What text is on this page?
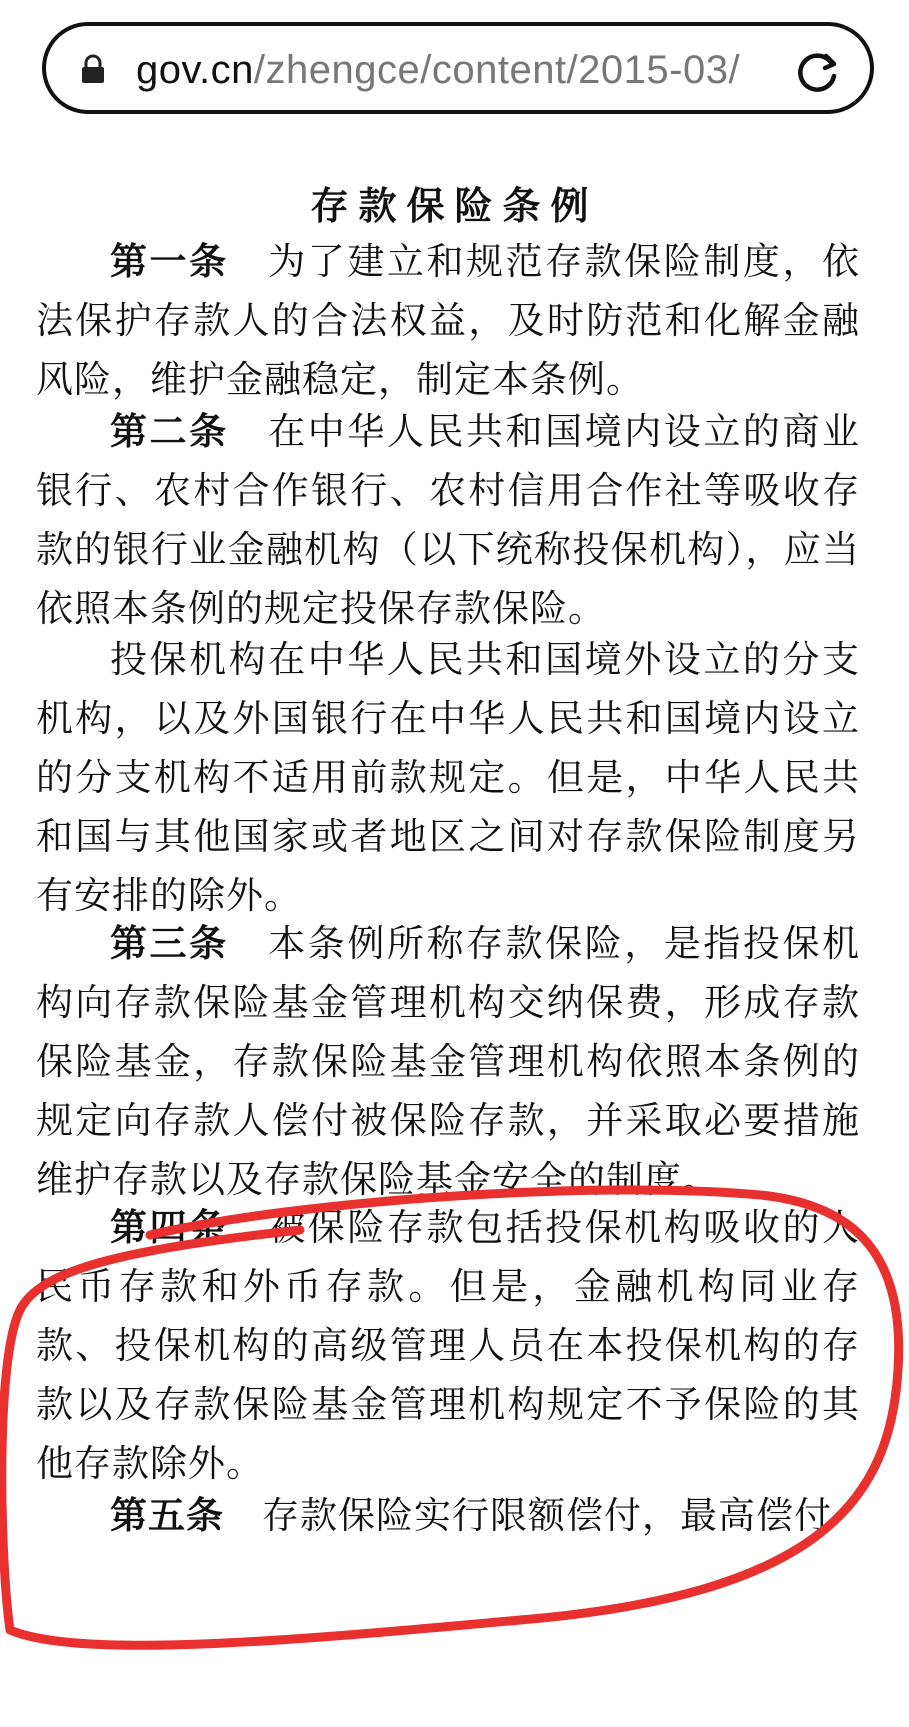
gov.cn/zhengce/content/2015-03/
存款保险条例

第一条 为了建立和规范存款保险制度，依法保护存款人的合法权益，及时防范和化解金融风险，维护金融稳定，制定本条例。

第二条 在中华人民共和国境内设立的商业银行、农村合作银行、农村信用合作社等吸收存款的银行业金融机构（以下统称投保机构），应当依照本条例的规定投保存款保险。

投保机构在中华人民共和国境外设立的分支机构，以及外国银行在中华人民共和国境内设立的分支机构不适用前款规定。但是，中华人民共和国与其他国家或者地区之间对存款保险制度另有安排的除外。

第三条 本条例所称存款保险，是指投保机构向存款保险基金管理机构交纳保费，形成存款保险基金，存款保险基金管理机构依照本条例的规定向存款人偿付被保险存款，并采取必要措施维护存款以及存款保险基金安全的制度。

第四条 被保险存款包括投保机构吸收的人民币存款和外币存款。但是，金融机构同业存款、投保机构的高级管理人员在本投保机构的存款以及存款保险基金管理机构规定不予保险的其他存款除外。

第五条 存款保险实行限额偿付，最高偿付
